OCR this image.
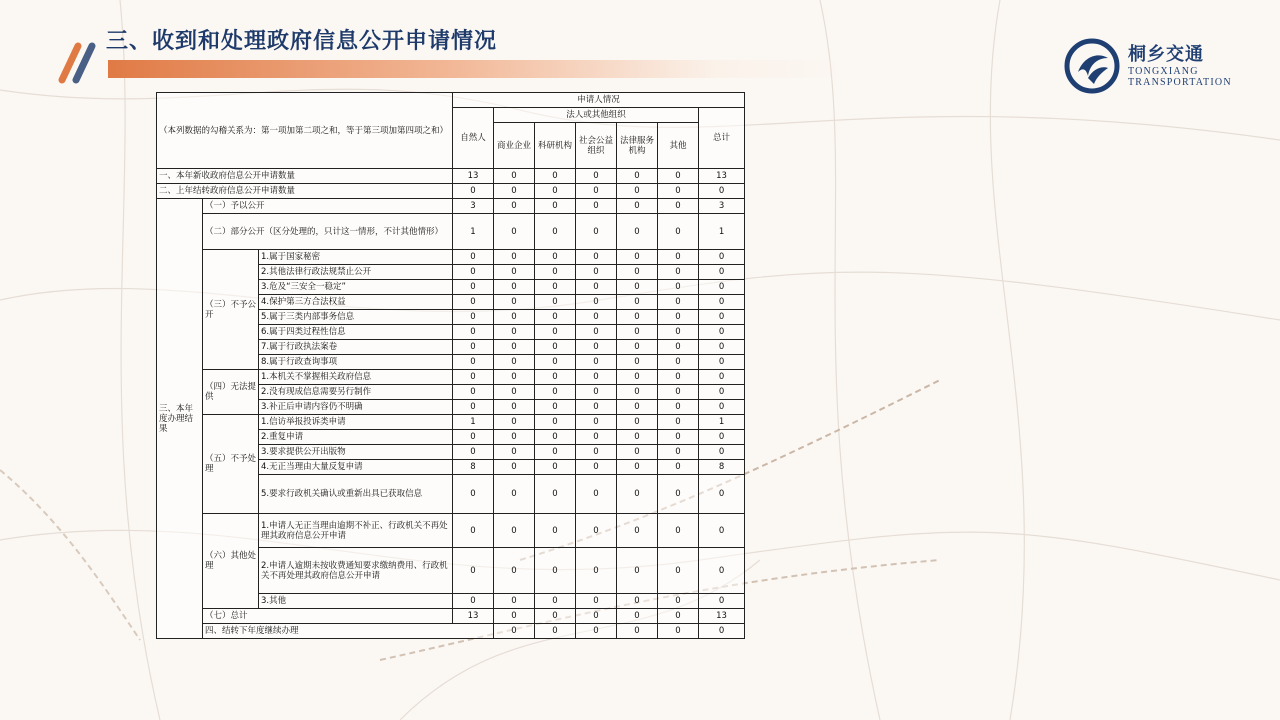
三、收到和处理政府信息公开申请情况
桐乡交通
TONGXIANG
TRANSPORTATION
（本列数据的勾稽关系为：第一项加第二项之和，等于第三项加第四项之和）			申请人情况							
			自然人	法人或其他组织					总计	
				商业企业	科研机构	社会公益组织	法律服务机构	其他		
一、本年新收政府信息公开申请数量			13	0	0	0	0	0	13	
二、上年结转政府信息公开申请数量			0	0	0	0	0	0	0	
三、本年度办理结果	（一）予以公开		3	0	0	0	0	0	3	
	（二）部分公开（区分处理的，只计这一情形，不计其他情形）		1	0	0	0	0	0	1	
	（三）不予公开	1.属于国家秘密	0	0	0	0	0	0	0	
		2.其他法律行政法规禁止公开	0	0	0	0	0	0	0	
		3.危及“三安全一稳定”	0	0	0	0	0	0	0	
		4.保护第三方合法权益	0	0	0	0	0	0	0	
		5.属于三类内部事务信息	0	0	0	0	0	0	0	
		6.属于四类过程性信息	0	0	0	0	0	0	0	
		7.属于行政执法案卷	0	0	0	0	0	0	0	
		8.属于行政查询事项	0	0	0	0	0	0	0	
	（四）无法提供	1.本机关不掌握相关政府信息	0	0	0	0	0	0	0	
		2.没有现成信息需要另行制作	0	0	0	0	0	0	0	
		3.补正后申请内容仍不明确	0	0	0	0	0	0	0	
	（五）不予处理	1.信访举报投诉类申请	1	0	0	0	0	0	1	
		2.重复申请	0	0	0	0	0	0	0	
		3.要求提供公开出版物	0	0	0	0	0	0	0	
		4.无正当理由大量反复申请	8	0	0	0	0	0	8	
		5.要求行政机关确认或重新出具已获取信息	0	0	0	0	0	0	0	
	（六）其他处理	1.申请人无正当理由逾期不补正、行政机关不再处理其政府信息公开申请	0	0	0	0	0	0	0	
		2.申请人逾期未按收费通知要求缴纳费用、行政机关不再处理其政府信息公开申请	0	0	0	0	0	0	0	
		3.其他	0	0	0	0	0	0	0	
	（七）总计		13	0	0	0	0	0	13	
	四、结转下年度继续办理			0	0	0	0	0	0	
